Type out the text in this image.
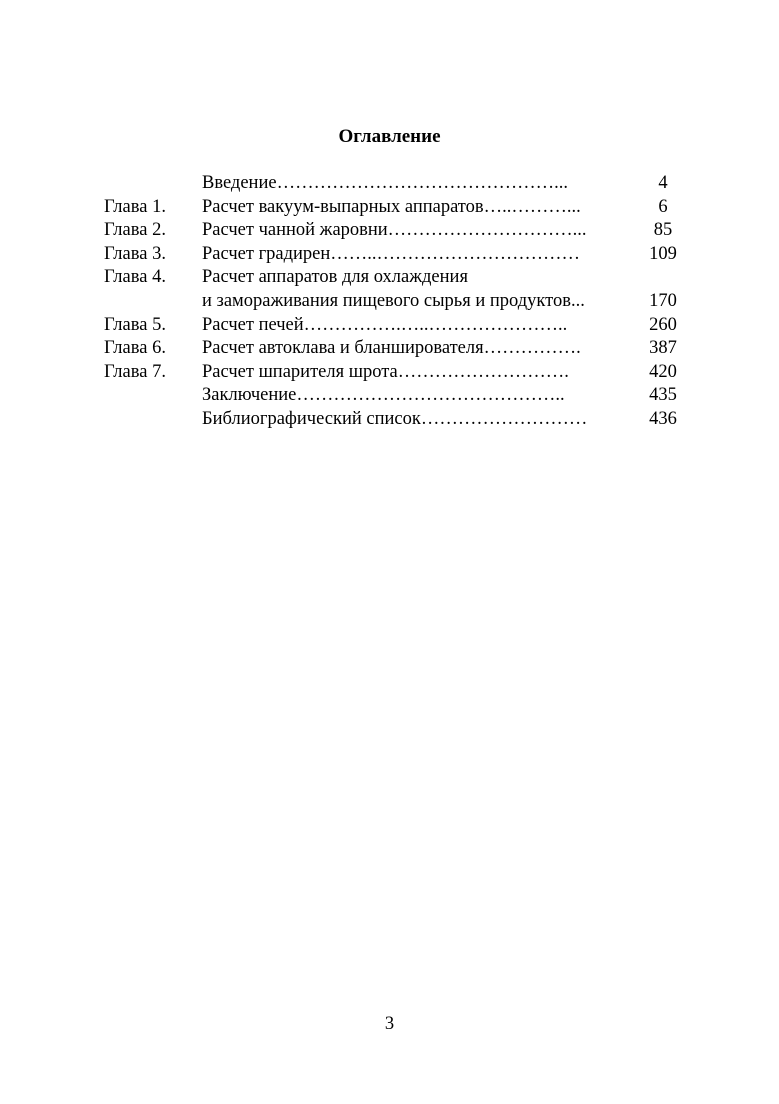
Оглавление
Введение………………………………………...	4
Глава 1.	Расчет вакуум-выпарных аппаратов…..………...	6
Глава 2.	Расчет чанной жаровни…………………………...	85
Глава 3.	Расчет градирен……..……………………………	109
Глава 4.	Расчет аппаратов для охлаждения
и замораживания пищевого сырья и продуктов...	170
Глава 5.	Расчет печей…………….…..…………………..	260
Глава 6.	Расчет автоклава и бланширователя…………….	387
Глава 7.	Расчет шпарителя шрота……………………….	420
Заключение……………………………………..	435
Библиографический список………………………	436
3
